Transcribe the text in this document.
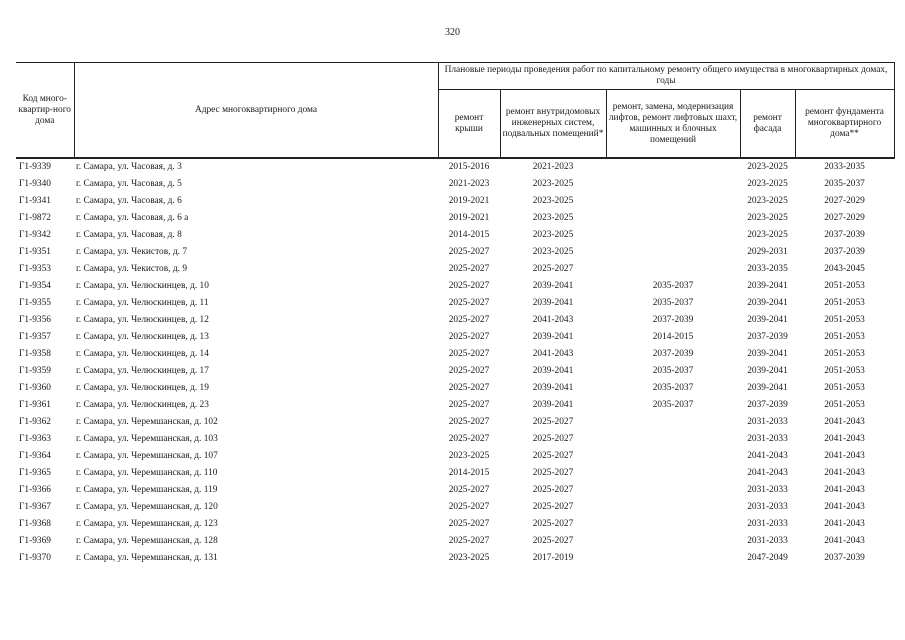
320
Код много-квартир-ного дома	Адрес многоквартирного дома	Плановые периоды проведения работ по капитальному ремонту общего имущества в многоквартирных домах, годы				
		ремонт крыши	ремонт внутридомовых инженерных систем, подвальных помещений*	ремонт, замена, модернизация лифтов, ремонт лифтовых шахт, машинных и блочных помещений	ремонт фасада	ремонт фундамента многоквартирного дома**
Г1-9339	г. Самара, ул. Часовая, д. 3	2015-2016	2021-2023		2023-2025	2033-2035
Г1-9340	г. Самара, ул. Часовая, д. 5	2021-2023	2023-2025		2023-2025	2035-2037
Г1-9341	г. Самара, ул. Часовая, д. 6	2019-2021	2023-2025		2023-2025	2027-2029
Г1-9872	г. Самара, ул. Часовая, д. 6 а	2019-2021	2023-2025		2023-2025	2027-2029
Г1-9342	г. Самара, ул. Часовая, д. 8	2014-2015	2023-2025		2023-2025	2037-2039
Г1-9351	г. Самара, ул. Чекистов, д. 7	2025-2027	2023-2025		2029-2031	2037-2039
Г1-9353	г. Самара, ул. Чекистов, д. 9	2025-2027	2025-2027		2033-2035	2043-2045
Г1-9354	г. Самара, ул. Челюскинцев, д. 10	2025-2027	2039-2041	2035-2037	2039-2041	2051-2053
Г1-9355	г. Самара, ул. Челюскинцев, д. 11	2025-2027	2039-2041	2035-2037	2039-2041	2051-2053
Г1-9356	г. Самара, ул. Челюскинцев, д. 12	2025-2027	2041-2043	2037-2039	2039-2041	2051-2053
Г1-9357	г. Самара, ул. Челюскинцев, д. 13	2025-2027	2039-2041	2014-2015	2037-2039	2051-2053
Г1-9358	г. Самара, ул. Челюскинцев, д. 14	2025-2027	2041-2043	2037-2039	2039-2041	2051-2053
Г1-9359	г. Самара, ул. Челюскинцев, д. 17	2025-2027	2039-2041	2035-2037	2039-2041	2051-2053
Г1-9360	г. Самара, ул. Челюскинцев, д. 19	2025-2027	2039-2041	2035-2037	2039-2041	2051-2053
Г1-9361	г. Самара, ул. Челюскинцев, д. 23	2025-2027	2039-2041	2035-2037	2037-2039	2051-2053
Г1-9362	г. Самара, ул. Черемшанская, д. 102	2025-2027	2025-2027		2031-2033	2041-2043
Г1-9363	г. Самара, ул. Черемшанская, д. 103	2025-2027	2025-2027		2031-2033	2041-2043
Г1-9364	г. Самара, ул. Черемшанская, д. 107	2023-2025	2025-2027		2041-2043	2041-2043
Г1-9365	г. Самара, ул. Черемшанская, д. 110	2014-2015	2025-2027		2041-2043	2041-2043
Г1-9366	г. Самара, ул. Черемшанская, д. 119	2025-2027	2025-2027		2031-2033	2041-2043
Г1-9367	г. Самара, ул. Черемшанская, д. 120	2025-2027	2025-2027		2031-2033	2041-2043
Г1-9368	г. Самара, ул. Черемшанская, д. 123	2025-2027	2025-2027		2031-2033	2041-2043
Г1-9369	г. Самара, ул. Черемшанская, д. 128	2025-2027	2025-2027		2031-2033	2041-2043
Г1-9370	г. Самара, ул. Черемшанская, д. 131	2023-2025	2017-2019		2047-2049	2037-2039
